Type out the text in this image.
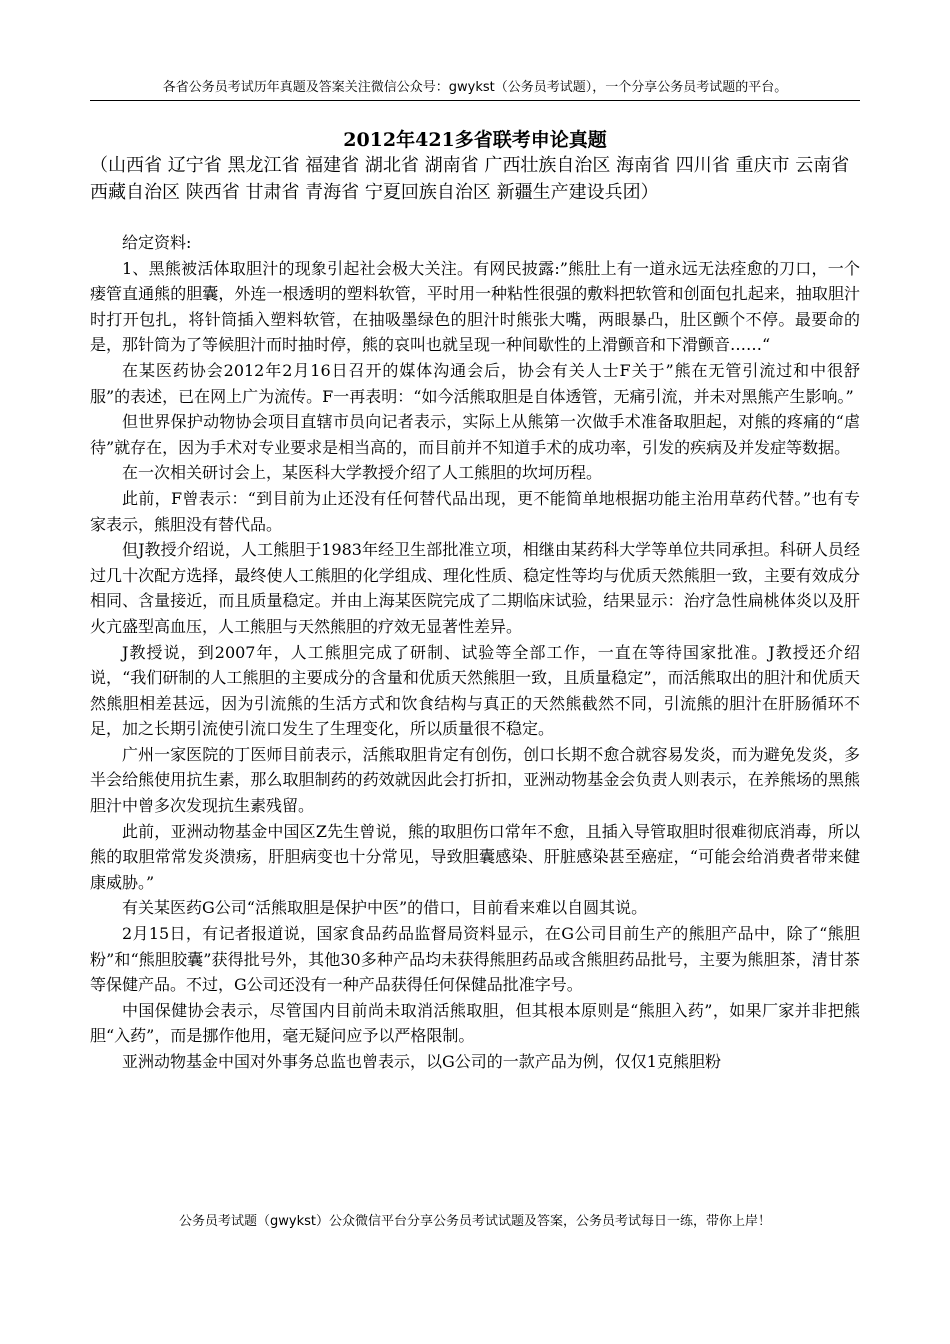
各省公务员考试历年真题及答案关注微信公众号：gwykst（公务员考试题），一个分享公务员考试题的平台。
2012年421多省联考申论真题
（山西省 辽宁省 黑龙江省 福建省 湖北省 湖南省 广西壮族自治区 海南省 四川省 重庆市 云南省 西藏自治区 陕西省 甘肃省 青海省 宁夏回族自治区 新疆生产建设兵团）

给定资料:

1、黑熊被活体取胆汁的现象引起社会极大关注。有网民披露:”熊肚上有一道永远无法痊愈的刀口，一个瘘管直通熊的胆囊，外连一根透明的塑料软管，平时用一种粘性很强的敷料把软管和创面包扎起来，抽取胆汁时打开包扎，将针筒插入塑料软管，在抽吸墨绿色的胆汁时熊张大嘴，两眼暴凸，肚区颤个不停。最要命的是，那针筒为了等候胆汁而时抽时停，熊的哀叫也就呈现一种间歇性的上滑颤音和下滑颤音……“

在某医药协会2012年2月16日召开的媒体沟通会后，协会有关人士F关于”熊在无管引流过和中很舒服”的表述，已在网上广为流传。F一再表明：“如今活熊取胆是自体透管，无痛引流，并未对黑熊产生影响。”

但世界保护动物协会项目直辖市员向记者表示，实际上从熊第一次做手术准备取胆起，对熊的疼痛的“虐待”就存在，因为手术对专业要求是相当高的，而目前并不知道手术的成功率，引发的疾病及并发症等数据。

在一次相关研讨会上，某医科大学教授介绍了人工熊胆的坎坷历程。

此前，F曾表示：“到目前为止还没有任何替代品出现，更不能简单地根据功能主治用草药代替。”也有专家表示，熊胆没有替代品。

但J教授介绍说，人工熊胆于1983年经卫生部批准立项，相继由某药科大学等单位共同承担。科研人员经过几十次配方选择，最终使人工熊胆的化学组成、理化性质、稳定性等均与优质天然熊胆一致，主要有效成分相同、含量接近，而且质量稳定。并由上海某医院完成了二期临床试验，结果显示：治疗急性扁桃体炎以及肝火亢盛型高血压，人工熊胆与天然熊胆的疗效无显著性差异。

J教授说，到2007年，人工熊胆完成了研制、试验等全部工作，一直在等待国家批准。J教授还介绍说，“我们研制的人工熊胆的主要成分的含量和优质天然熊胆一致，且质量稳定”，而活熊取出的胆汁和优质天然熊胆相差甚远，因为引流熊的生活方式和饮食结构与真正的天然熊截然不同，引流熊的胆汁在肝肠循环不足，加之长期引流使引流口发生了生理变化，所以质量很不稳定。

广州一家医院的丁医师目前表示，活熊取胆肯定有创伤，创口长期不愈合就容易发炎，而为避免发炎，多半会给熊使用抗生素，那么取胆制药的药效就因此会打折扣，亚洲动物基金会负责人则表示，在养熊场的黑熊胆汁中曾多次发现抗生素残留。

此前，亚洲动物基金中国区Z先生曾说，熊的取胆伤口常年不愈，且插入导管取胆时很难彻底消毒，所以熊的取胆常常发炎溃疡，肝胆病变也十分常见，导致胆囊感染、肝脏感染甚至癌症，“可能会给消费者带来健康威胁。”

有关某医药G公司“活熊取胆是保护中医”的借口，目前看来难以自圆其说。

2月15日，有记者报道说，国家食品药品监督局资料显示，在G公司目前生产的熊胆产品中，除了“熊胆粉”和“熊胆胶囊”获得批号外，其他30多种产品均未获得熊胆药品或含熊胆药品批号，主要为熊胆茶，清甘茶等保健产品。不过，G公司还没有一种产品获得任何保健品批准字号。

中国保健协会表示，尽管国内目前尚未取消活熊取胆，但其根本原则是“熊胆入药”，如果厂家并非把熊胆“入药”，而是挪作他用，毫无疑问应予以严格限制。

亚洲动物基金中国对外事务总监也曾表示，以G公司的一款产品为例，仅仅1克熊胆粉

公务员考试题（gwykst）公众微信平台分享公务员考试试题及答案，公务员考试每日一练，带你上岸！
